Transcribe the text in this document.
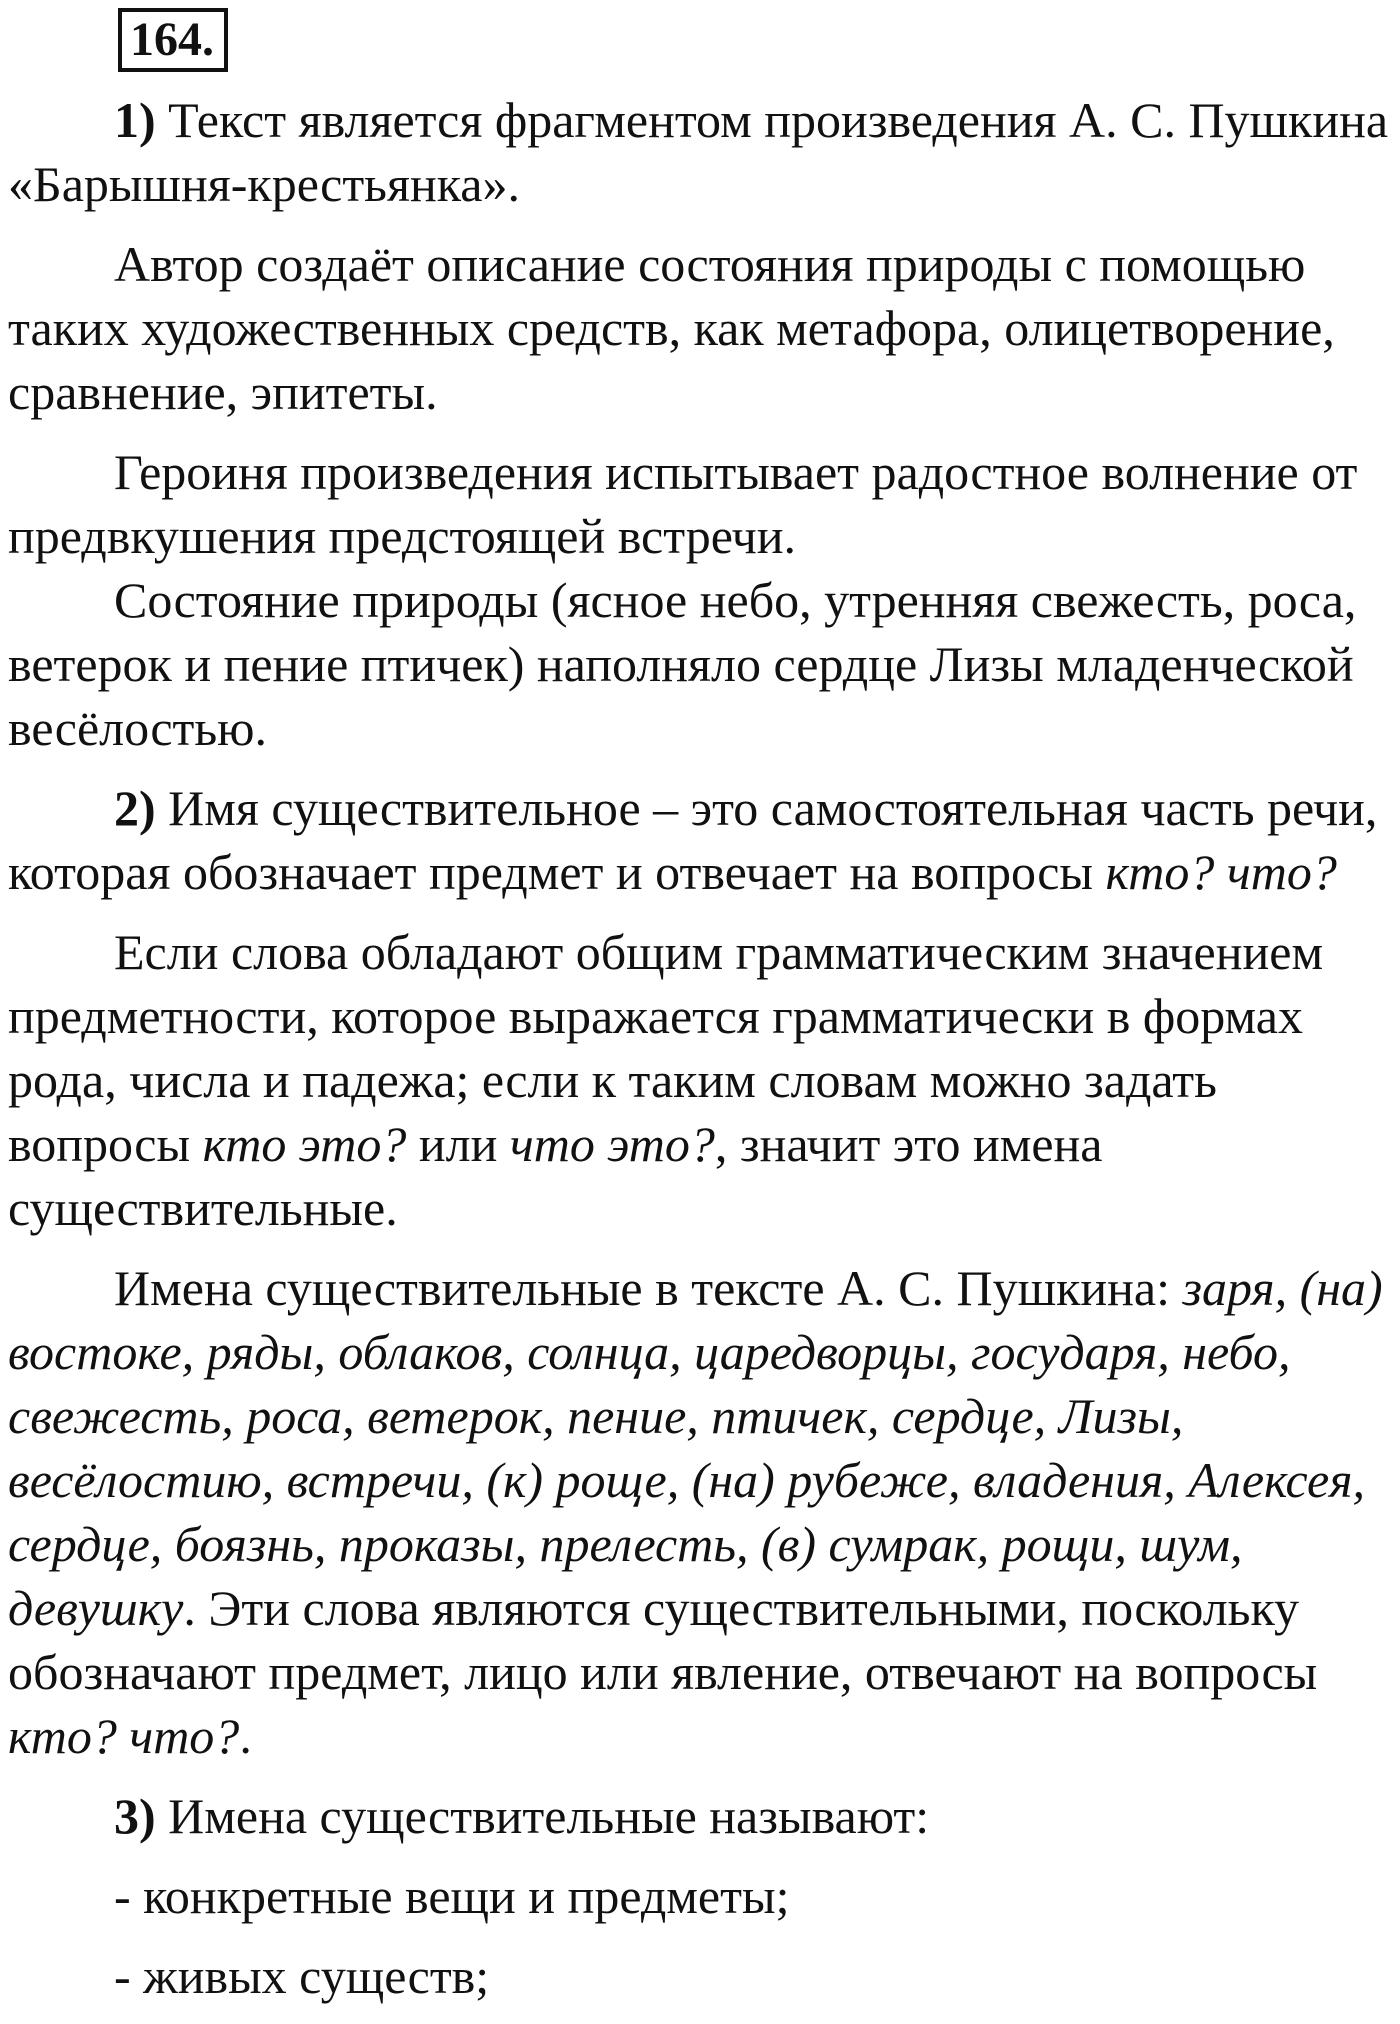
164.

1) Текст является фрагментом произведения А. С. Пушкина «Барышня-крестьянка».

Автор создаёт описание состояния природы с помощью таких художественных средств, как метафора, олицетворение, сравнение, эпитеты.

Героиня произведения испытывает радостное волнение от предвкушения предстоящей встречи.

Состояние природы (ясное небо, утренняя свежесть, роса, ветерок и пение птичек) наполняло сердце Лизы младенческой весёлостью.

2) Имя существительное – это самостоятельная часть речи, которая обозначает предмет и отвечает на вопросы кто? что?

Если слова обладают общим грамматическим значением предметности, которое выражается грамматически в формах рода, числа и падежа; если к таким словам можно задать вопросы кто это? или что это?, значит это имена существительные.

Имена существительные в тексте А. С. Пушкина: заря, (на) востоке, ряды, облаков, солнца, царедворцы, государя, небо, свежесть, роса, ветерок, пение, птичек, сердце, Лизы, весёлостию, встречи, (к) роще, (на) рубеже, владения, Алексея, сердце, боязнь, проказы, прелесть, (в) сумрак, рощи, шум, девушку. Эти слова являются существительными, поскольку обозначают предмет, лицо или явление, отвечают на вопросы кто? что?.

3) Имена существительные называют:

- конкретные вещи и предметы;
- живых существ;
